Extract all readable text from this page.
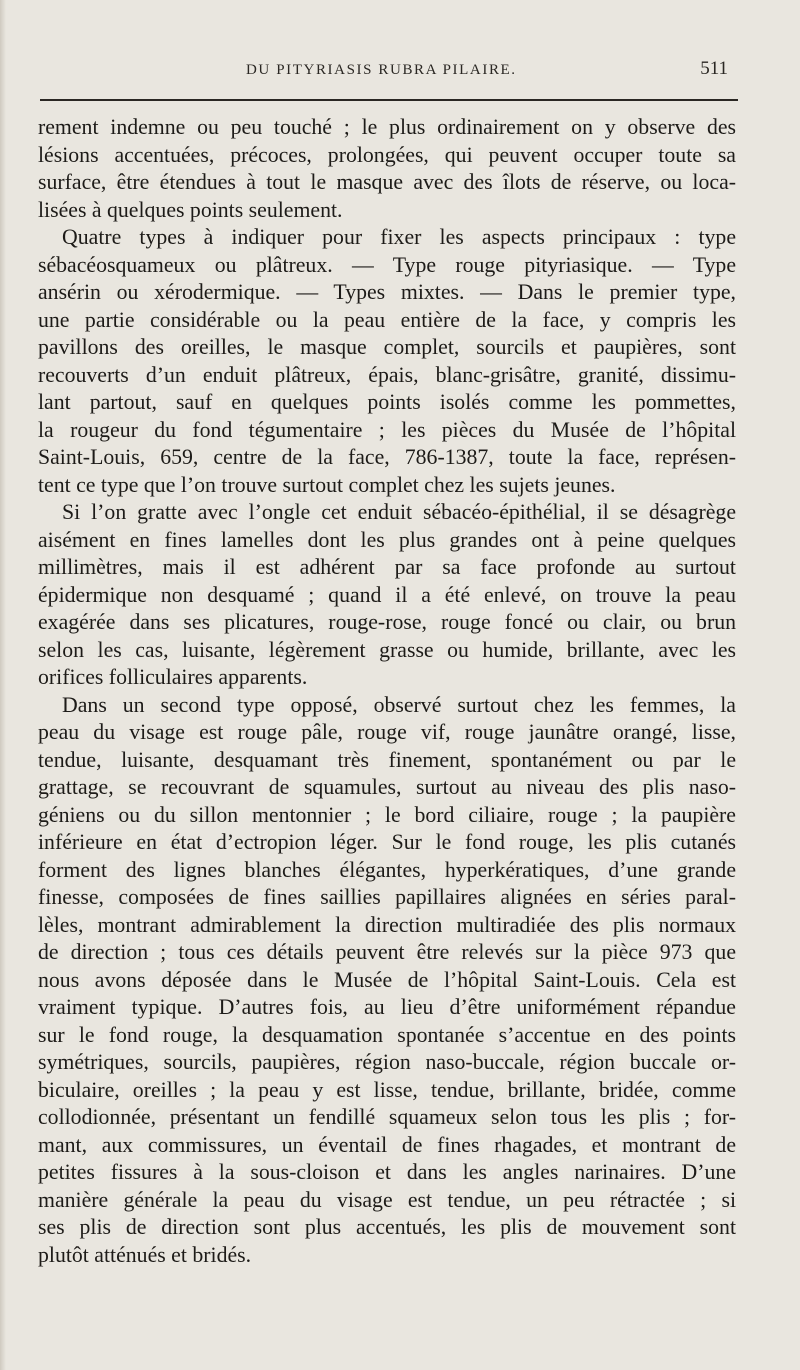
DU PITYRIASIS RUBRA PILAIRE.	511
rement indemne ou peu touché ; le plus ordinairement on y observe des
lésions accentuées, précoces, prolongées, qui peuvent occuper toute sa
surface, être étendues à tout le masque avec des îlots de réserve, ou loca-
lisées à quelques points seulement.
Quatre types à indiquer pour fixer les aspects principaux : type
sébacéosquameux ou plâtreux. — Type rouge pityriasique. — Type
ansérin ou xérodermique. — Types mixtes. — Dans le premier type,
une partie considérable ou la peau entière de la face, y compris les
pavillons des oreilles, le masque complet, sourcils et paupières, sont
recouverts d’un enduit plâtreux, épais, blanc-grisâtre, granité, dissimu-
lant partout, sauf en quelques points isolés comme les pommettes,
la rougeur du fond tégumentaire ; les pièces du Musée de l’hôpital
Saint-Louis, 659, centre de la face, 786-1387, toute la face, représen-
tent ce type que l’on trouve surtout complet chez les sujets jeunes.
Si l’on gratte avec l’ongle cet enduit sébacéo-épithélial, il se désagrège
aisément en fines lamelles dont les plus grandes ont à peine quelques
millimètres, mais il est adhérent par sa face profonde au surtout
épidermique non desquamé ; quand il a été enlevé, on trouve la peau
exagérée dans ses plicatures, rouge-rose, rouge foncé ou clair, ou brun
selon les cas, luisante, légèrement grasse ou humide, brillante, avec les
orifices folliculaires apparents.
Dans un second type opposé, observé surtout chez les femmes, la
peau du visage est rouge pâle, rouge vif, rouge jaunâtre orangé, lisse,
tendue, luisante, desquamant très finement, spontanément ou par le
grattage, se recouvrant de squamules, surtout au niveau des plis naso-
géniens ou du sillon mentonnier ; le bord ciliaire, rouge ; la paupière
inférieure en état d’ectropion léger. Sur le fond rouge, les plis cutanés
forment des lignes blanches élégantes, hyperkératiques, d’une grande
finesse, composées de fines saillies papillaires alignées en séries paral-
lèles, montrant admirablement la direction multiradiée des plis normaux
de direction ; tous ces détails peuvent être relevés sur la pièce 973 que
nous avons déposée dans le Musée de l’hôpital Saint-Louis. Cela est
vraiment typique. D’autres fois, au lieu d’être uniformément répandue
sur le fond rouge, la desquamation spontanée s’accentue en des points
symétriques, sourcils, paupières, région naso-buccale, région buccale or-
biculaire, oreilles ; la peau y est lisse, tendue, brillante, bridée, comme
collodionnée, présentant un fendillé squameux selon tous les plis ; for-
mant, aux commissures, un éventail de fines rhagades, et montrant de
petites fissures à la sous-cloison et dans les angles narinaires. D’une
manière générale la peau du visage est tendue, un peu rétractée ; si
ses plis de direction sont plus accentués, les plis de mouvement sont
plutôt atténués et bridés.
